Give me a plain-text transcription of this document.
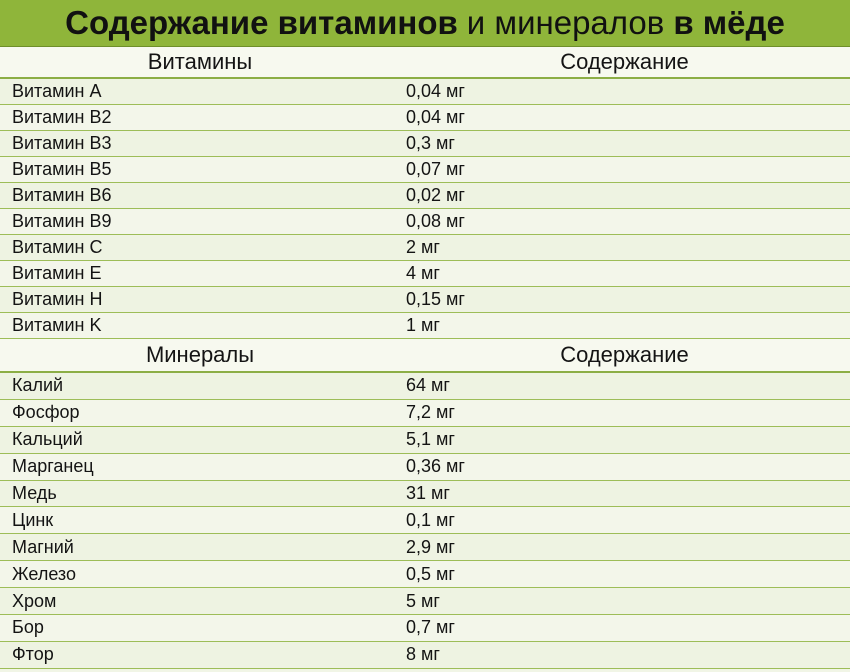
Содержание витаминов и минералов в мёде
Витамины	Содержание
Витамин A	0,04 мг
Витамин B2	0,04 мг
Витамин B3	0,3 мг
Витамин B5	0,07 мг
Витамин B6	0,02 мг
Витамин B9	0,08 мг
Витамин C	2 мг
Витамин E	4 мг
Витамин H	0,15 мг
Витамин K	1 мг
Минералы	Содержание
Калий	64 мг
Фосфор	7,2 мг
Кальций	5,1 мг
Марганец	0,36 мг
Медь	31 мг
Цинк	0,1 мг
Магний	2,9 мг
Железо	0,5 мг
Хром	5 мг
Бор	0,7 мг
Фтор	8 мг
